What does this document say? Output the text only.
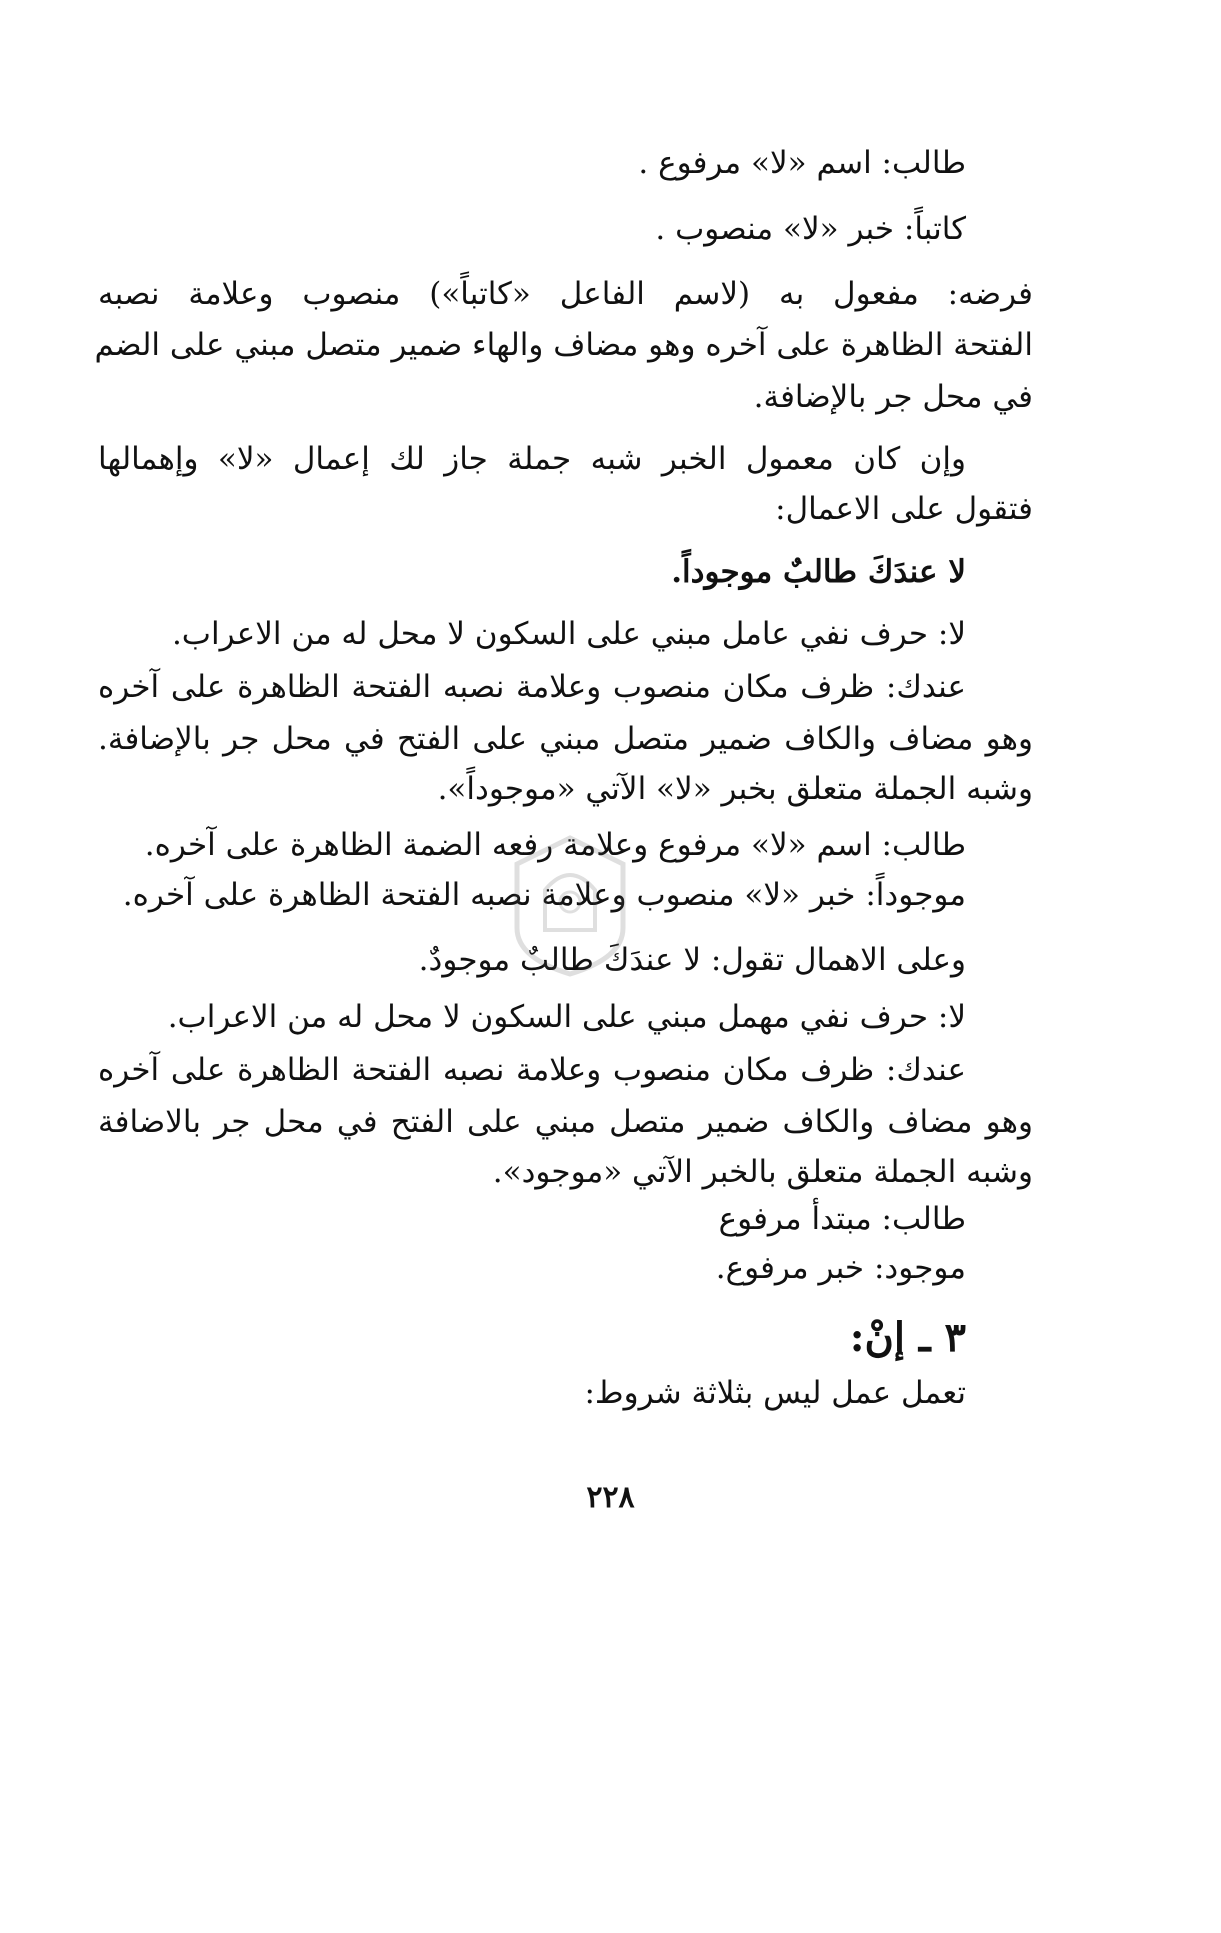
طالب: اسم «لا» مرفوع .
كاتباً: خبر «لا» منصوب .
فرضه: مفعول به (لاسم الفاعل «كاتباً») منصوب وعلامة نصبه
الفتحة الظاهرة على آخره وهو مضاف والهاء ضمير متصل مبني على الضم
في محل جر بالإضافة.
وإن كان معمول الخبر شبه جملة جاز لك إعمال «لا» وإهمالها
فتقول على الاعمال:
لا عندَكَ طالبٌ موجوداً.
لا: حرف نفي عامل مبني على السكون لا محل له من الاعراب.
عندك: ظرف مكان منصوب وعلامة نصبه الفتحة الظاهرة على آخره
وهو مضاف والكاف ضمير متصل مبني على الفتح في محل جر بالإضافة.
وشبه الجملة متعلق بخبر «لا» الآتي «موجوداً».
طالب: اسم «لا» مرفوع وعلامة رفعه الضمة الظاهرة على آخره.
موجوداً: خبر «لا» منصوب وعلامة نصبه الفتحة الظاهرة على آخره.
وعلى الاهمال تقول: لا عندَكَ طالبٌ موجودٌ.
لا: حرف نفي مهمل مبني على السكون لا محل له من الاعراب.
عندك: ظرف مكان منصوب وعلامة نصبه الفتحة الظاهرة على آخره
وهو مضاف والكاف ضمير متصل مبني على الفتح في محل جر بالاضافة
وشبه الجملة متعلق بالخبر الآتي «موجود».
طالب: مبتدأ مرفوع
موجود: خبر مرفوع.
٣ ـ إنْ:
تعمل عمل ليس بثلاثة شروط:
٢٢٨
